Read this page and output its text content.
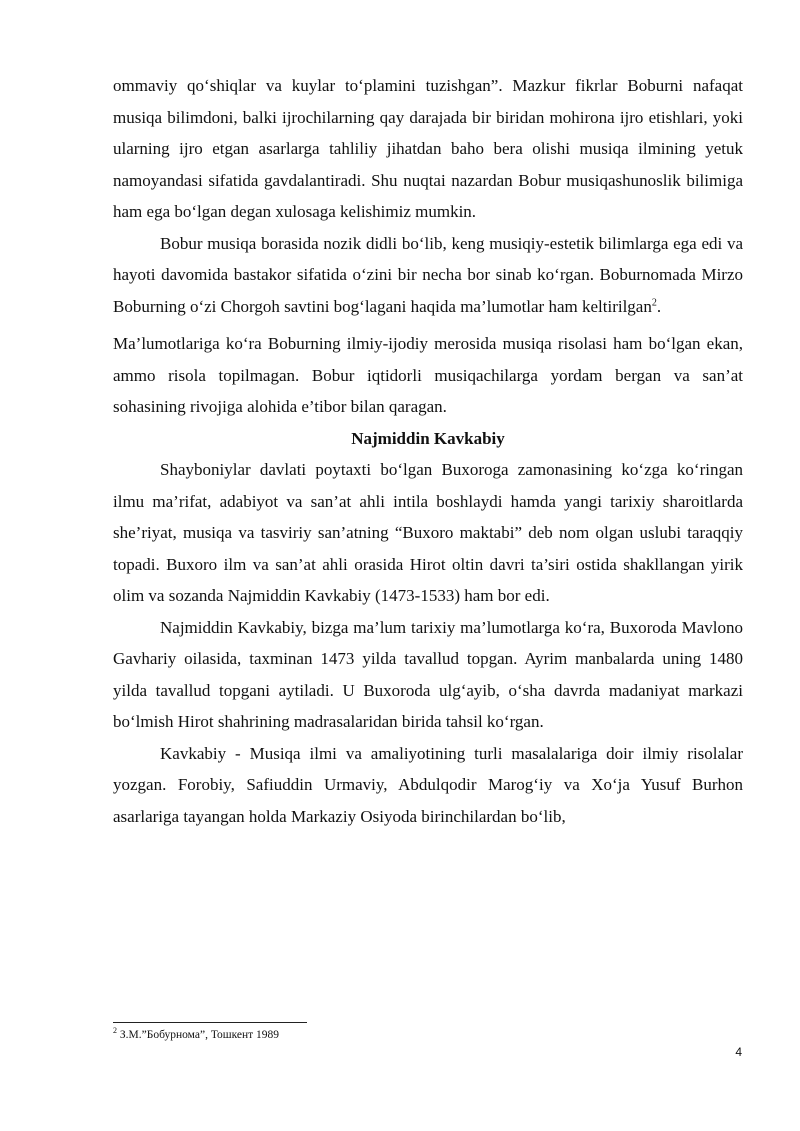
ommaviy qo‘shiqlar va kuylar to‘plamini tuzishgan”. Mazkur fikrlar Boburni nafaqat musiqa bilimdoni, balki ijrochilarning qay darajada bir biridan mohirona ijro etishlari, yoki ularning ijro etgan asarlarga tahliliy jihatdan baho bera olishi musiqa ilmining yetuk namoyandasi sifatida gavdalantiradi. Shu nuqtai nazardan Bobur musiqashunoslik bilimiga ham ega bo‘lgan degan xulosaga kelishimiz mumkin.

Bobur musiqa borasida nozik didli bo‘lib, keng musiqiy-estetik bilimlarga ega edi va hayoti davomida bastakor sifatida o‘zini bir necha bor sinab ko‘rgan. Boburnomada Mirzo Boburning o‘zi Chorgoh savtini bog‘lagani haqida ma’lumotlar ham keltirilgan$^2$.

Ma’lumotlariga ko‘ra Boburning ilmiy-ijodiy merosida musiqa risolasi ham bo‘lgan ekan, ammo risola topilmagan. Bobur iqtidorli musiqachilarga yordam bergan va san’at sohasining rivojiga alohida e’tibor bilan qaragan.

Najmiddin Kavkabiy

Shayboniylar davlati poytaxti bo‘lgan Buxoroga zamonasining ko‘zga ko‘ringan ilmu ma’rifat, adabiyot va san’at ahli intila boshlaydi hamda yangi tarixiy sharoitlarda she’riyat, musiqa va tasviriy san’atning “Buxoro maktabi” deb nom olgan uslubi taraqqiy topadi. Buxoro ilm va san’at ahli orasida Hirot oltin davri ta’siri ostida shakllangan yirik olim va sozanda Najmiddin Kavkabiy (1473-1533) ham bor edi.

Najmiddin Kavkabiy, bizga ma’lum tarixiy ma’lumotlarga ko‘ra, Buxoroda Mavlono Gavhariy oilasida, taxminan 1473 yilda tavallud topgan. Ayrim manbalarda uning 1480 yilda tavallud topgani aytiladi. U Buxoroda ulg‘ayib, o‘sha davrda madaniyat markazi bo‘lmish Hirot shahrining madrasalaridan birida tahsil ko‘rgan.

Kavkabiy - Musiqa ilmi va amaliyotining turli masalalariga doir ilmiy risolalar yozgan. Forobiy, Safiuddin Urmaviy, Abdulqodir Marog‘iy va Xo‘ja Yusuf Burhon asarlariga tayangan holda Markaziy Osiyoda birinchilardan bo‘lib,

$^2$ З.М.”Бобурнома”, Тошкент 1989
4
